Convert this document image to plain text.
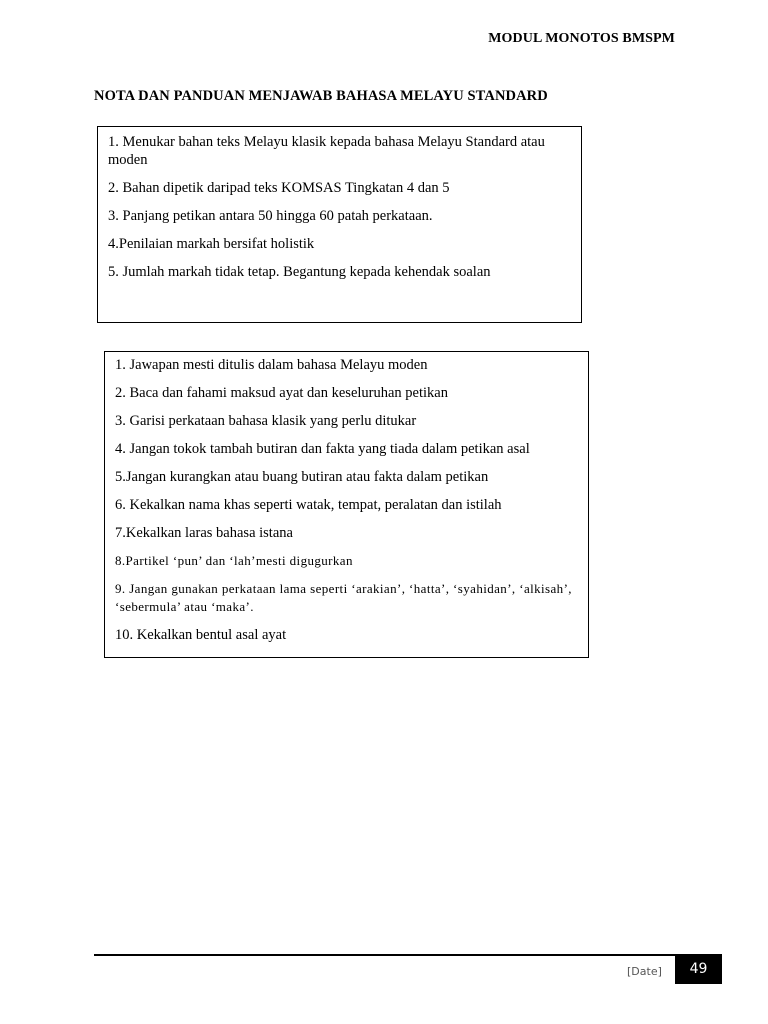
MODUL MONOTOS BMSPM
NOTA DAN PANDUAN MENJAWAB BAHASA MELAYU STANDARD
1. Menukar bahan teks Melayu klasik kepada bahasa Melayu Standard atau moden
2. Bahan dipetik daripad teks KOMSAS Tingkatan 4 dan 5
3. Panjang petikan antara 50 hingga 60 patah perkataan.
4.Penilaian markah bersifat holistik
5. Jumlah markah tidak tetap. Begantung kepada kehendak soalan
1. Jawapan mesti ditulis dalam bahasa Melayu moden
2. Baca dan fahami maksud ayat dan keseluruhan petikan
3. Garisi perkataan bahasa klasik yang perlu ditukar
4. Jangan tokok tambah butiran dan fakta yang tiada dalam petikan asal
5.Jangan kurangkan atau buang butiran atau fakta dalam petikan
6. Kekalkan nama khas seperti watak, tempat, peralatan dan istilah
7.Kekalkan laras bahasa istana
8.Partikel ‘pun’ dan ‘lah’mesti digugurkan
9. Jangan gunakan perkataan lama seperti ‘arakian’, ‘hatta’, ‘syahidan’, ‘alkisah’, ‘sebermula’ atau ‘maka’.
10. Kekalkan bentul asal ayat
[Date]	49
